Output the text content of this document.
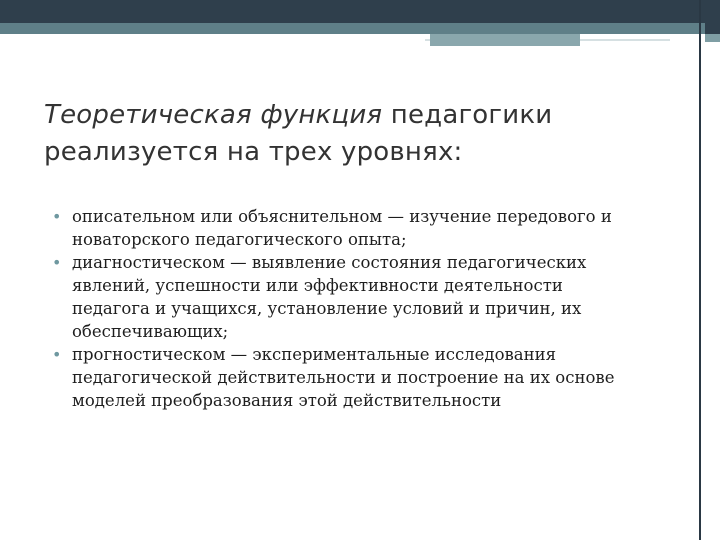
Теоретическая функция педагогики
реализуется на трех уровнях:
• описательном или объяснительном — изучение передового и
новаторского педагогического опыта;
• диагностическом — выявление состояния педагогических
явлений, успешности или эффективности деятельности
педагога и учащихся, установление условий и причин, их
обеспечивающих;
• прогностическом — экспериментальные исследования
педагогической действительности и построение на их основе
моделей преобразования этой действительности
